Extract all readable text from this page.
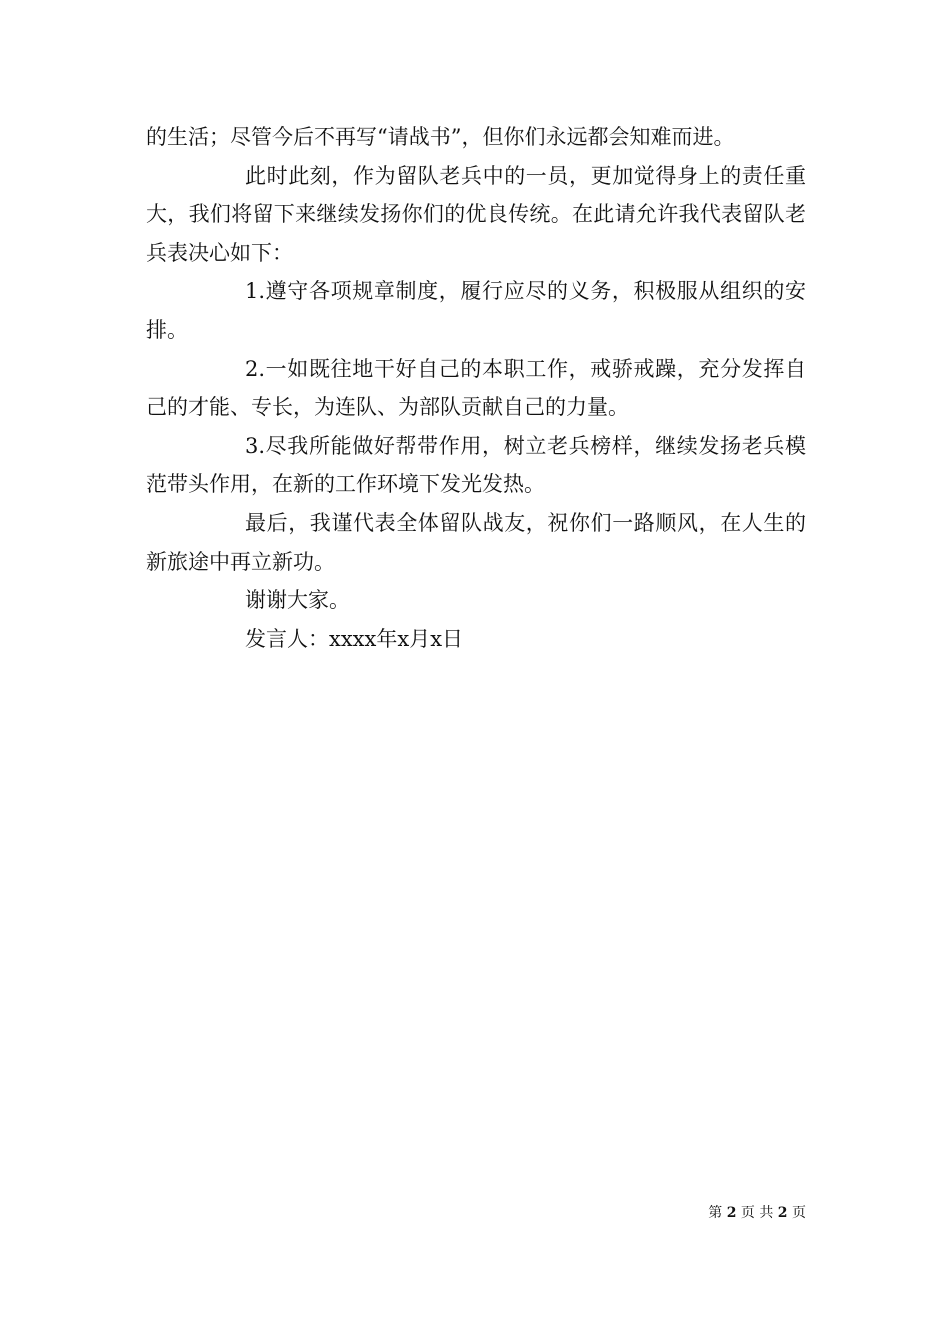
的生活；尽管今后不再写“请战书”，但你们永远都会知难而进。

此时此刻，作为留队老兵中的一员，更加觉得身上的责任重大，我们将留下来继续发扬你们的优良传统。在此请允许我代表留队老兵表决心如下：

1.遵守各项规章制度，履行应尽的义务，积极服从组织的安排。

2.一如既往地干好自己的本职工作，戒骄戒躁，充分发挥自己的才能、专长，为连队、为部队贡献自己的力量。

3.尽我所能做好帮带作用，树立老兵榜样，继续发扬老兵模范带头作用，在新的工作环境下发光发热。

最后，我谨代表全体留队战友，祝你们一路顺风，在人生的新旅途中再立新功。

谢谢大家。

发言人：xxxx年x月x日

第 2 页 共 2 页
